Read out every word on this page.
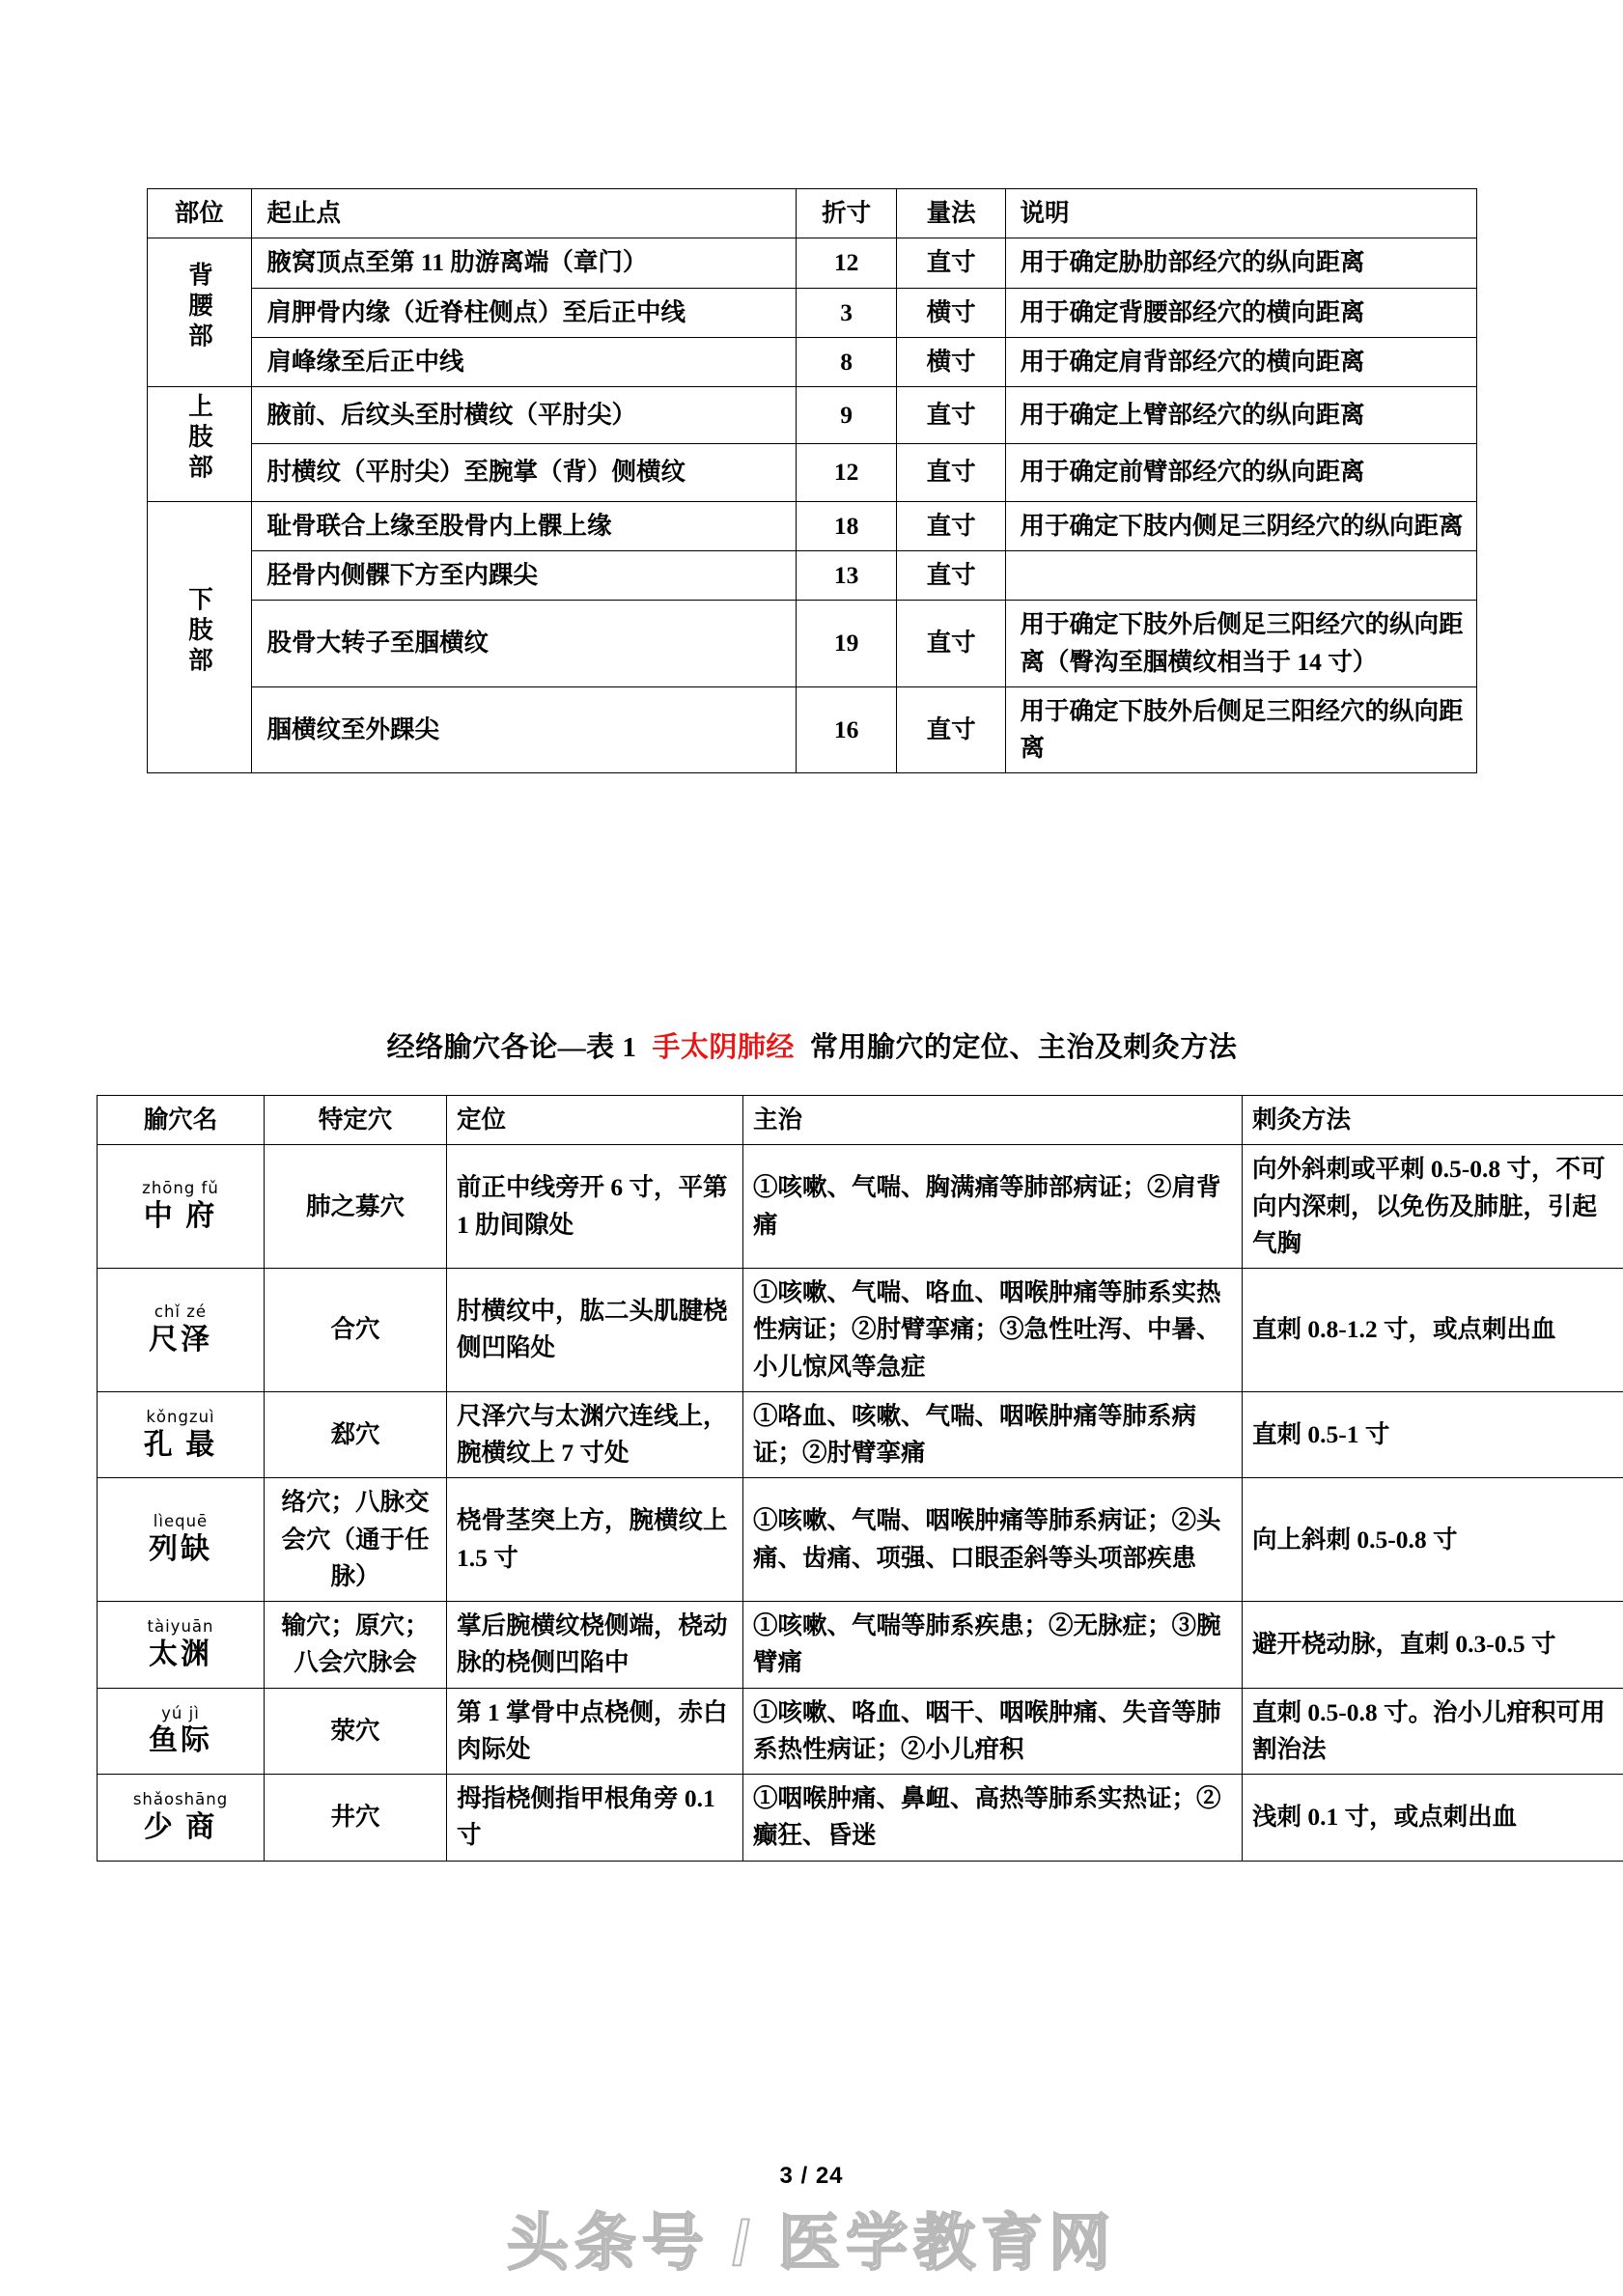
部位	起止点	折寸	量法	说明
背腰部	腋窝顶点至第 11 肋游离端（章门）	12	直寸	用于确定胁肋部经穴的纵向距离
	肩胛骨内缘（近脊柱侧点）至后正中线	3	横寸	用于确定背腰部经穴的横向距离
	肩峰缘至后正中线	8	横寸	用于确定肩背部经穴的横向距离
上肢部	腋前、后纹头至肘横纹（平肘尖）	9	直寸	用于确定上臂部经穴的纵向距离
	肘横纹（平肘尖）至腕掌（背）侧横纹	12	直寸	用于确定前臂部经穴的纵向距离
下肢部	耻骨联合上缘至股骨内上髁上缘	18	直寸	用于确定下肢内侧足三阴经穴的纵向距离
	胫骨内侧髁下方至内踝尖	13	直寸	
	股骨大转子至腘横纹	19	直寸	用于确定下肢外后侧足三阳经穴的纵向距离（臀沟至腘横纹相当于 14 寸）
	腘横纹至外踝尖	16	直寸	用于确定下肢外后侧足三阳经穴的纵向距离
经络腧穴各论—表 1 手太阴肺经 常用腧穴的定位、主治及刺灸方法
腧穴名	特定穴	定位	主治	刺灸方法

zhōng fǔ
中 府	肺之募穴	前正中线旁开 6 寸，平第 1 肋间隙处	①咳嗽、气喘、胸满痛等肺部病证；②肩背痛	向外斜刺或平刺 0.5-0.8 寸，不可向内深刺，以免伤及肺脏，引起气胸

chǐ zé
尺泽	合穴	肘横纹中，肱二头肌腱桡侧凹陷处	①咳嗽、气喘、咯血、咽喉肿痛等肺系实热性病证；②肘臂挛痛；③急性吐泻、中暑、小儿惊风等急症	直刺 0.8-1.2 寸，或点刺出血

kǒngzuì
孔 最	郄穴	尺泽穴与太渊穴连线上，腕横纹上 7 寸处	①咯血、咳嗽、气喘、咽喉肿痛等肺系病证；②肘臂挛痛	直刺 0.5-1 寸

lìequē
列缺	络穴；八脉交会穴（通于任脉）	桡骨茎突上方，腕横纹上 1.5 寸	①咳嗽、气喘、咽喉肿痛等肺系病证；②头痛、齿痛、项强、口眼歪斜等头项部疾患	向上斜刺 0.5-0.8 寸

tàiyuān
太渊	输穴；原穴；八会穴脉会	掌后腕横纹桡侧端，桡动脉的桡侧凹陷中	①咳嗽、气喘等肺系疾患；②无脉症；③腕臂痛	避开桡动脉，直刺 0.3-0.5 寸

yú jì
鱼际	荥穴	第 1 掌骨中点桡侧，赤白肉际处	①咳嗽、咯血、咽干、咽喉肿痛、失音等肺系热性病证；②小儿疳积	直刺 0.5-0.8 寸。治小儿疳积可用割治法

shǎoshāng
少 商	井穴	拇指桡侧指甲根角旁 0.1 寸	①咽喉肿痛、鼻衄、高热等肺系实热证；②癫狂、昏迷	浅刺 0.1 寸，或点刺出血
3 / 24
头条号 / 医学教育网
